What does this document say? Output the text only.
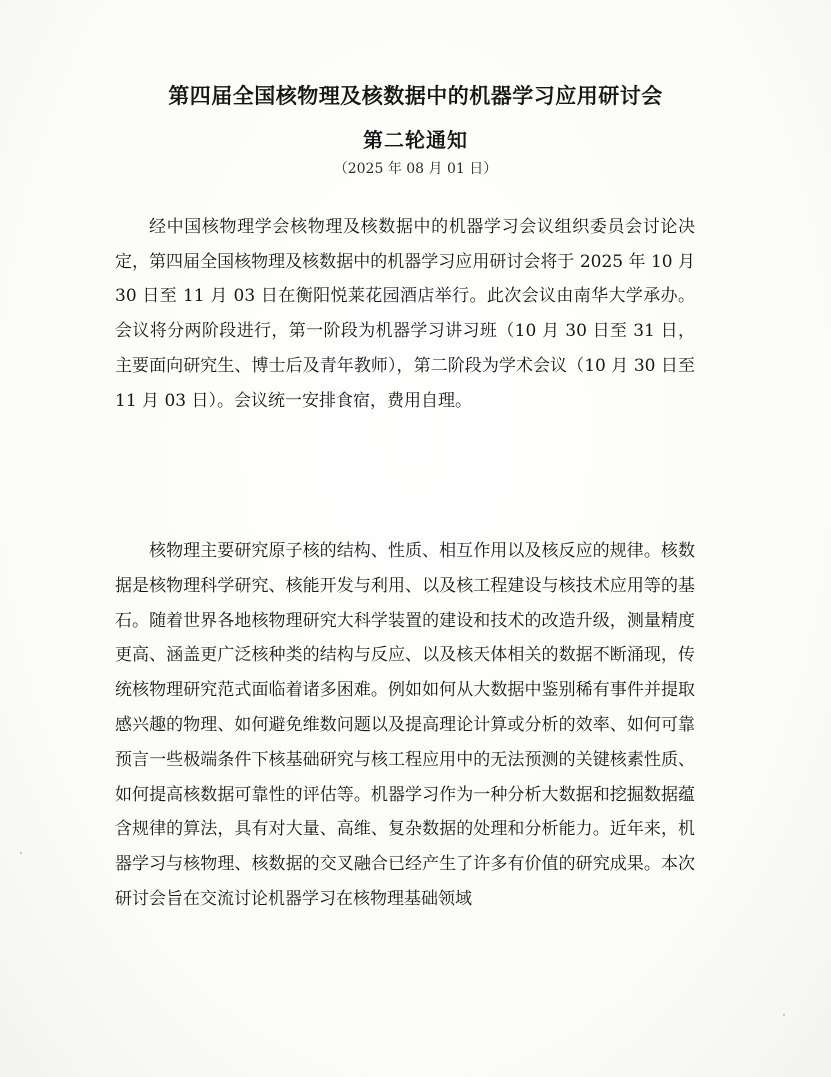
第四届全国核物理及核数据中的机器学习应用研讨会
第二轮通知
（2025 年 08 月 01 日）

经中国核物理学会核物理及核数据中的机器学习会议组织委员会讨论决定，第四届全国核物理及核数据中的机器学习应用研讨会将于 2025 年 10 月 30 日至 11 月 03 日在衡阳悦莱花园酒店举行。此次会议由南华大学承办。会议将分两阶段进行，第一阶段为机器学习讲习班（10 月 30 日至 31 日，主要面向研究生、博士后及青年教师），第二阶段为学术会议（10 月 30 日至 11 月 03 日）。会议统一安排食宿，费用自理。

核物理主要研究原子核的结构、性质、相互作用以及核反应的规律。核数据是核物理科学研究、核能开发与利用、以及核工程建设与核技术应用等的基石。随着世界各地核物理研究大科学装置的建设和技术的改造升级，测量精度更高、涵盖更广泛核种类的结构与反应、以及核天体相关的数据不断涌现，传统核物理研究范式面临着诸多困难。例如如何从大数据中鉴别稀有事件并提取感兴趣的物理、如何避免维数问题以及提高理论计算或分析的效率、如何可靠预言一些极端条件下核基础研究与核工程应用中的无法预测的关键核素性质、如何提高核数据可靠性的评估等。机器学习作为一种分析大数据和挖掘数据蕴含规律的算法，具有对大量、高维、复杂数据的处理和分析能力。近年来，机器学习与核物理、核数据的交叉融合已经产生了许多有价值的研究成果。本次研讨会旨在交流讨论机器学习在核物理基础领域
